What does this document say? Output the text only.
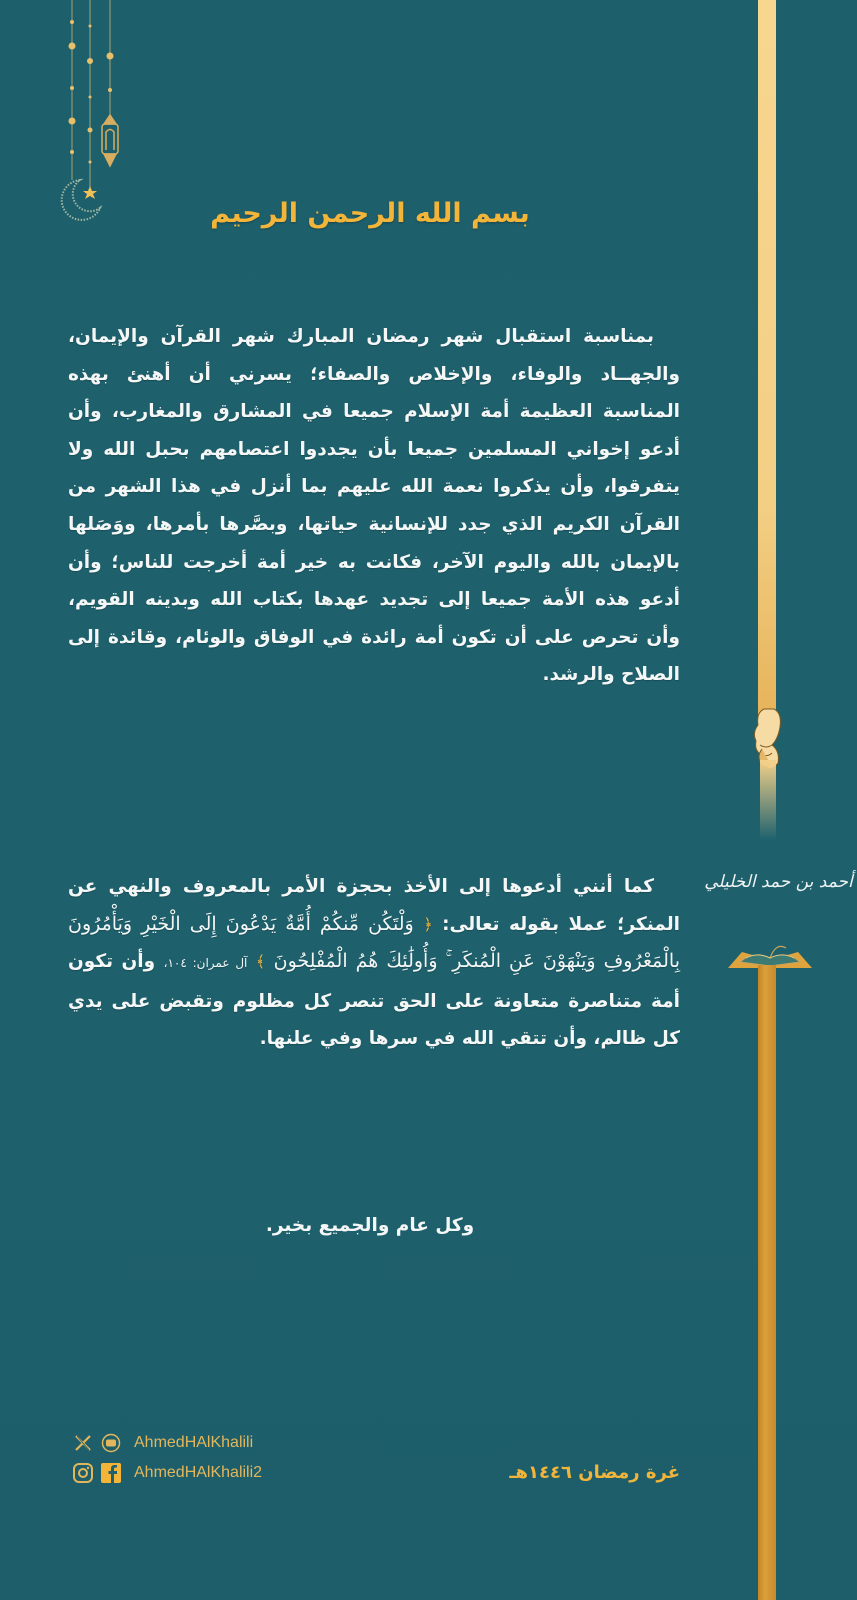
أحمد بن حمد الخليلي
بسم الله الرحمن الرحيم

بمناسبة استقبال شهر رمضان المبارك شهر القرآن والإيمان، والجهــاد والوفاء، والإخلاص والصفاء؛ يسرني أن أهنئ بهذه المناسبة العظيمة أمة الإسلام جميعا في المشارق والمغارب، وأن أدعو إخواني المسلمين جميعا بأن يجددوا اعتصامهم بحبل الله ولا يتفرقوا، وأن يذكروا نعمة الله عليهم بما أنزل في هذا الشهر من القرآن الكريم الذي جدد للإنسانية حياتها، وبصَّرها بأمرها، ووَصَلها بالإيمان بالله واليوم الآخر، فكانت به خير أمة أخرجت للناس؛ وأن أدعو هذه الأمة جميعا إلى تجديد عهدها بكتاب الله وبدينه القويم، وأن تحرص على أن تكون أمة رائدة في الوفاق والوئام، وقائدة إلى الصلاح والرشد.

كما أنني أدعوها إلى الأخذ بحجزة الأمر بالمعروف والنهي عن المنكر؛ عملا بقوله تعالى: ﴿ وَلْتَكُن مِّنكُمْ أُمَّةٌ يَدْعُونَ إِلَى الْخَيْرِ وَيَأْمُرُونَ بِالْمَعْرُوفِ وَيَنْهَوْنَ عَنِ الْمُنكَرِ ۚ وَأُولَٰئِكَ هُمُ الْمُفْلِحُونَ ﴾ آل عمران: ١٠٤، وأن تكون أمة متناصرة متعاونة على الحق تنصر كل مظلوم وتقبض على يدي كل ظالم، وأن تتقي الله في سرها وفي علنها.

وكل عام والجميع بخير.
AhmedHAlKhalili
AhmedHAlKhalili2	غرة رمضان ١٤٤٦هـ
